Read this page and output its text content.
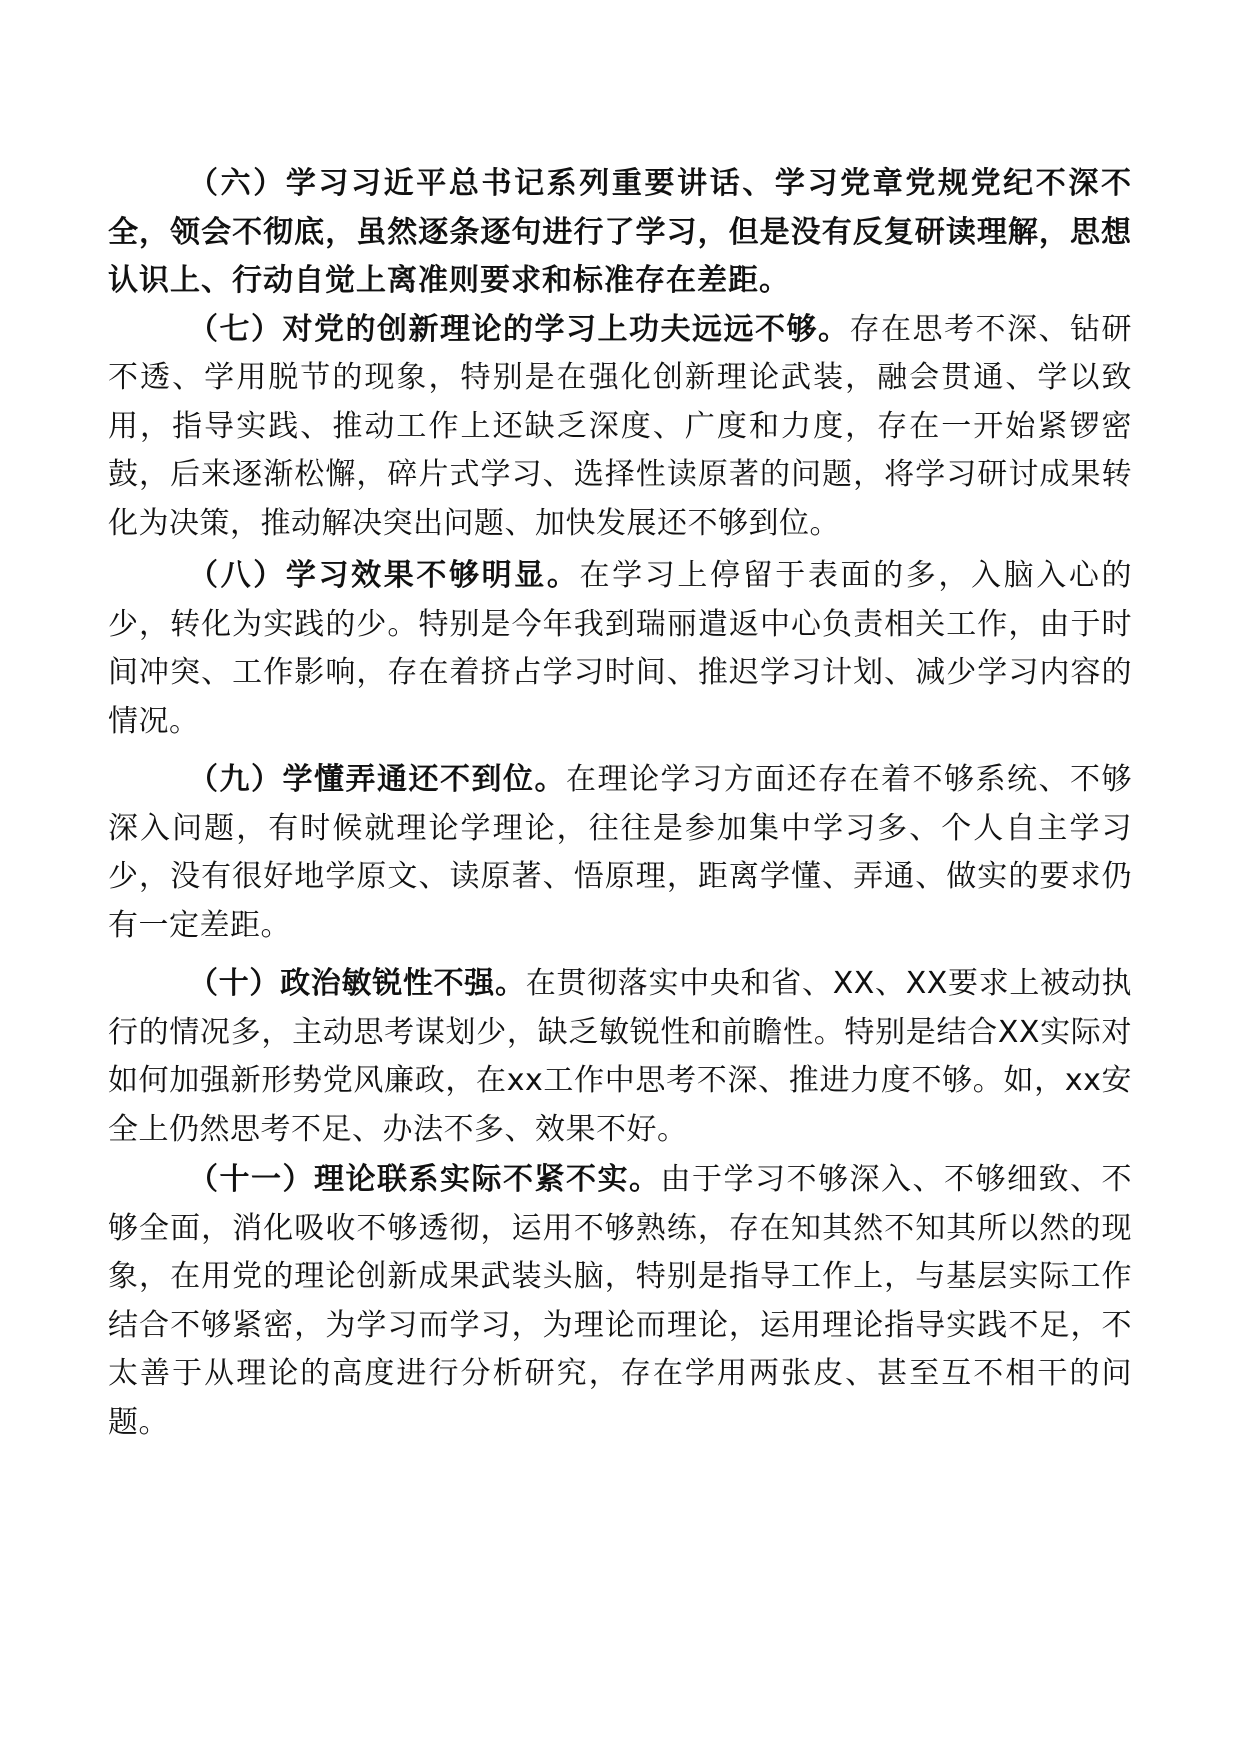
（六）学习习近平总书记系列重要讲话、学习党章党规党纪不深不全，领会不彻底，虽然逐条逐句进行了学习，但是没有反复研读理解，思想认识上、行动自觉上离准则要求和标准存在差距。

（七）对党的创新理论的学习上功夫远远不够。存在思考不深、钻研不透、学用脱节的现象，特别是在强化创新理论武装，融会贯通、学以致用，指导实践、推动工作上还缺乏深度、广度和力度，存在一开始紧锣密鼓，后来逐渐松懈，碎片式学习、选择性读原著的问题，将学习研讨成果转化为决策，推动解决突出问题、加快发展还不够到位。

（八）学习效果不够明显。在学习上停留于表面的多，入脑入心的少，转化为实践的少。特别是今年我到瑞丽遣返中心负责相关工作，由于时间冲突、工作影响，存在着挤占学习时间、推迟学习计划、减少学习内容的情况。

（九）学懂弄通还不到位。在理论学习方面还存在着不够系统、不够深入问题，有时候就理论学理论，往往是参加集中学习多、个人自主学习少，没有很好地学原文、读原著、悟原理，距离学懂、弄通、做实的要求仍有一定差距。

（十）政治敏锐性不强。在贯彻落实中央和省、XX、XX要求上被动执行的情况多，主动思考谋划少，缺乏敏锐性和前瞻性。特别是结合XX实际对如何加强新形势党风廉政，在xx工作中思考不深、推进力度不够。如，xx安全上仍然思考不足、办法不多、效果不好。

（十一）理论联系实际不紧不实。由于学习不够深入、不够细致、不够全面，消化吸收不够透彻，运用不够熟练，存在知其然不知其所以然的现象，在用党的理论创新成果武装头脑，特别是指导工作上，与基层实际工作结合不够紧密，为学习而学习，为理论而理论，运用理论指导实践不足，不太善于从理论的高度进行分析研究，存在学用两张皮、甚至互不相干的问题。
